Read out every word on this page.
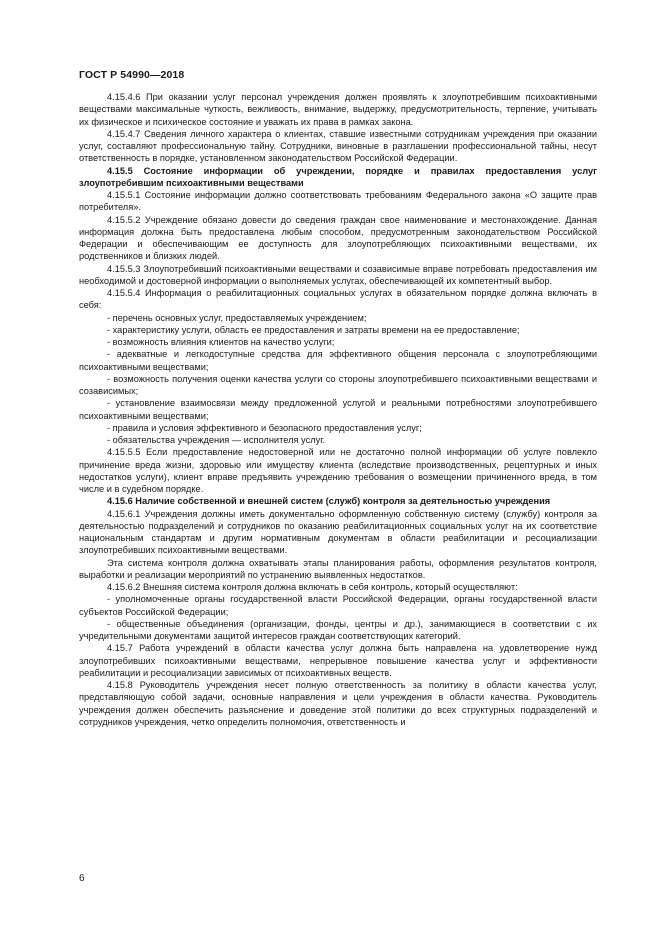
ГОСТ Р 54990—2018

4.15.4.6 При оказании услуг персонал учреждения должен проявлять к злоупотребившим психоактивными веществами максимальные чуткость, вежливость, внимание, выдержку, предусмотрительность, терпение, учитывать их физическое и психическое состояние и уважать их права в рамках закона.

4.15.4.7 Сведения личного характера о клиентах, ставшие известными сотрудникам учреждения при оказании услуг, составляют профессиональную тайну. Сотрудники, виновные в разглашении профессиональной тайны, несут ответственность в порядке, установленном законодательством Российской Федерации.

4.15.5 Состояние информации об учреждении, порядке и правилах предоставления услуг злоупотребившим психоактивными веществами

4.15.5.1 Состояние информации должно соответствовать требованиям Федерального закона «О защите прав потребителя».

4.15.5.2 Учреждение обязано довести до сведения граждан свое наименование и местонахождение. Данная информация должна быть предоставлена любым способом, предусмотренным законодательством Российской Федерации и обеспечивающим ее доступность для злоупотребляющих психоактивными веществами, их родственников и близких людей.

4.15.5.3 Злоупотребивший психоактивными веществами и созависимые вправе потребовать предоставления им необходимой и достоверной информации о выполняемых услугах, обеспечивающей их компетентный выбор.

4.15.5.4 Информация о реабилитационных социальных услугах в обязательном порядке должна включать в себя:

- перечень основных услуг, предоставляемых учреждением;

- характеристику услуги, область ее предоставления и затраты времени на ее предоставление;

- возможность влияния клиентов на качество услуги;

- адекватные и легкодоступные средства для эффективного общения персонала с злоупотребляющими психоактивными веществами;

- возможность получения оценки качества услуги со стороны злоупотребившего психоактивными веществами и созависимых;

- установление взаимосвязи между предложенной услугой и реальными потребностями злоупотребившего психоактивными веществами;

- правила и условия эффективного и безопасного предоставления услуг;

- обязательства учреждения — исполнителя услуг.

4.15.5.5 Если предоставление недостоверной или не достаточно полной информации об услуге повлекло причинение вреда жизни, здоровью или имуществу клиента (вследствие производственных, рецептурных и иных недостатков услуги), клиент вправе предъявить учреждению требования о возмещении причиненного вреда, в том числе и в судебном порядке.

4.15.6 Наличие собственной и внешней систем (служб) контроля за деятельностью учреждения

4.15.6.1 Учреждения должны иметь документально оформленную собственную систему (службу) контроля за деятельностью подразделений и сотрудников по оказанию реабилитационных социальных услуг на их соответствие национальным стандартам и другим нормативным документам в области реабилитации и ресоциализации злоупотребивших психоактивными веществами.

Эта система контроля должна охватывать этапы планирования работы, оформления результатов контроля, выработки и реализации мероприятий по устранению выявленных недостатков.

4.15.6.2 Внешняя система контроля должна включать в себя контроль, который осуществляют:

- уполномоченные органы государственной власти Российской Федерации, органы государственной власти субъектов Российской Федерации;

- общественные объединения (организации, фонды, центры и др.), занимающиеся в соответствии с их учредительными документами защитой интересов граждан соответствующих категорий.

4.15.7 Работа учреждений в области качества услуг должна быть направлена на удовлетворение нужд злоупотребивших психоактивными веществами, непрерывное повышение качества услуг и эффективности реабилитации и ресоциализации зависимых от психоактивных веществ.

4.15.8 Руководитель учреждения несет полную ответственность за политику в области качества услуг, представляющую собой задачи, основные направления и цели учреждения в области качества. Руководитель учреждения должен обеспечить разъяснение и доведение этой политики до всех структурных подразделений и сотрудников учреждения, четко определить полномочия, ответственность и

6
